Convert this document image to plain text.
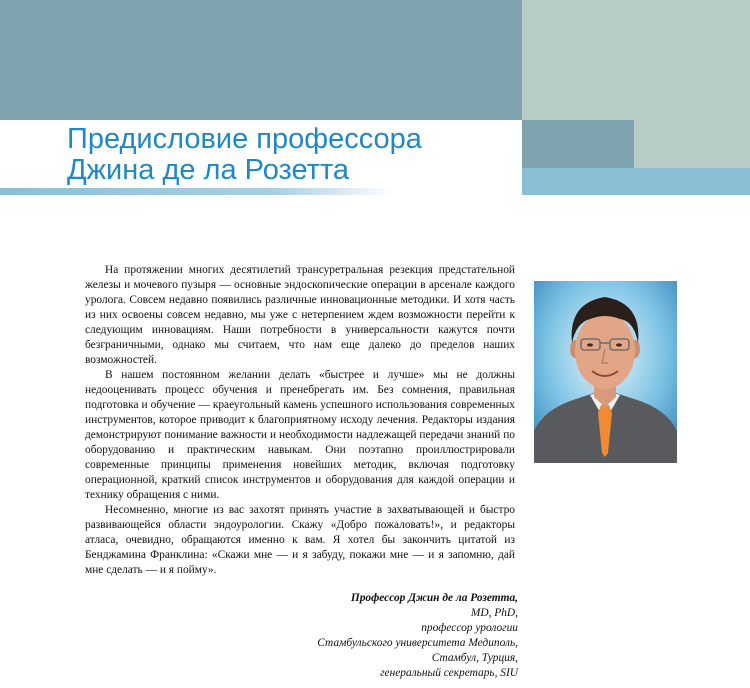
Предисловие профессора
Джина де ла Розетта

На протяжении многих десятилетий трансуретральная резекция предстательной железы и мочевого пузыря — основные эндоскопические операции в арсенале каждого уролога. Совсем недавно появились различные инновационные методики. И хотя часть из них освоены совсем недавно, мы уже с нетерпением ждем возможности перейти к следующим инновациям. Наши потребности в универсальности кажутся почти безграничными, однако мы считаем, что нам еще далеко до пределов наших возможностей.

В нашем постоянном желании делать «быстрее и лучше» мы не должны недооценивать процесс обучения и пренебрегать им. Без сомнения, правильная подготовка и обучение — краеугольный камень успешного использования современных инструментов, которое приводит к благоприятному исходу лечения. Редакторы издания демонстрируют понимание важности и необходимости надлежащей передачи знаний по оборудованию и практическим навыкам. Они поэтапно проиллюстрировали современные принципы применения новейших методик, включая подготовку операционной, краткий список инструментов и оборудования для каждой операции и технику обращения с ними.

Несомненно, многие из вас захотят принять участие в захватывающей и быстро развивающейся области эндоурологии. Скажу «Добро пожаловать!», и редакторы атласа, очевидно, обращаются именно к вам. Я хотел бы закончить цитатой из Бенджамина Франклина: «Скажи мне — и я забуду, покажи мне — и я запомню, дай мне сделать — и я пойму».

Профессор Джин де ла Розетта,
MD, PhD,
профессор урологии
Стамбульского университета Медиполь,
Стамбул, Турция,
генеральный секретарь, SIU
